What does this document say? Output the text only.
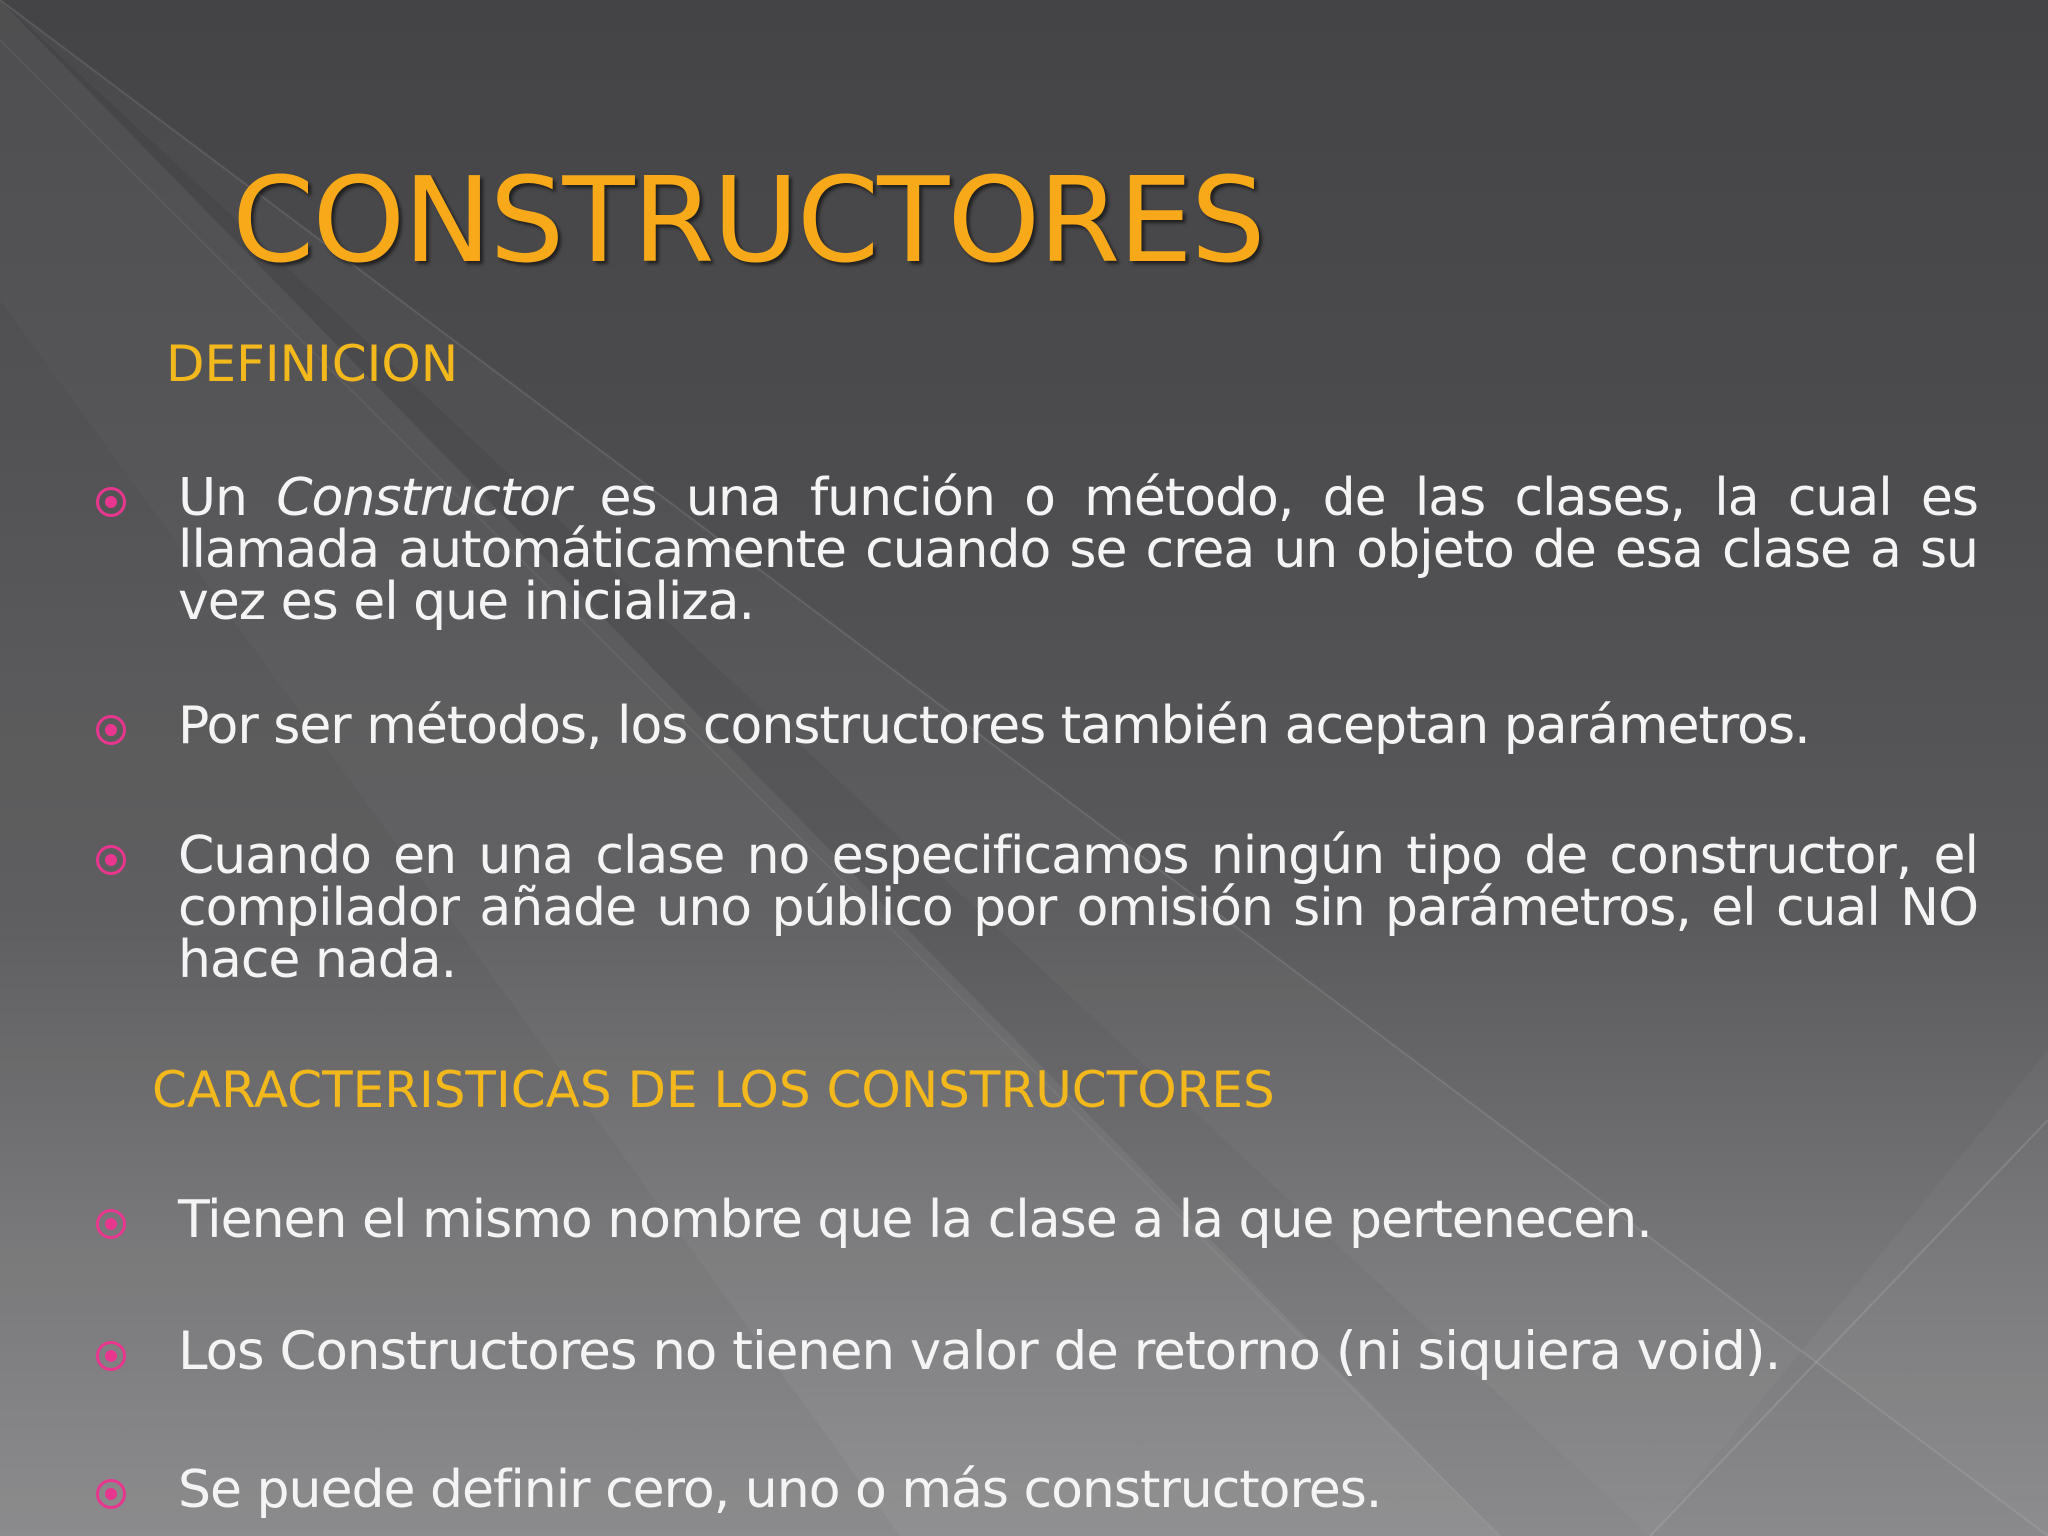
CONSTRUCTORES
DEFINICION
Un Constructor es una función o método, de las clases, la cual es llamada automáticamente cuando se crea un objeto de esa clase a su vez es el que inicializa.
Por ser métodos, los constructores también aceptan parámetros.
Cuando en una clase no especificamos ningún tipo de constructor, el compilador añade uno público por omisión sin parámetros, el cual NO hace nada.
CARACTERISTICAS DE LOS CONSTRUCTORES
Tienen el mismo nombre que la clase a la que pertenecen.
Los Constructores no tienen valor de retorno (ni siquiera void).
Se puede definir cero, uno o más constructores.
